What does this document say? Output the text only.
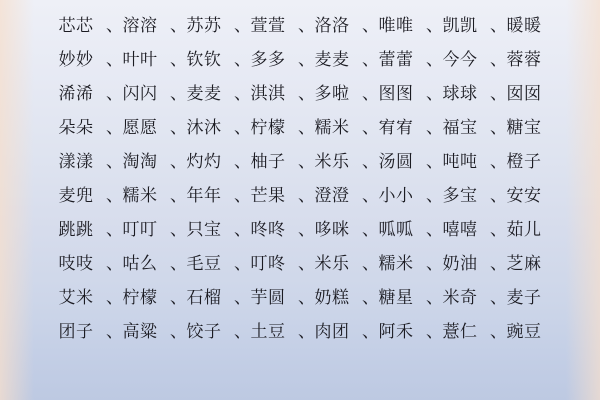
芯芯 、 溶溶 、 苏苏 、 萱萱 、 洛洛 、 唯唯 、 凯凯 、 暖暖
妙妙 、 叶叶 、 钦钦 、 多多 、 麦麦 、 蕾蕾 、 今今 、 蓉蓉
浠浠 、 闪闪 、 麦麦 、 淇淇 、 多啦 、 图图 、 球球 、 囡囡
朵朵 、 愿愿 、 沐沐 、 柠檬 、 糯米 、 宥宥 、 福宝 、 糖宝
漾漾 、 淘淘 、 灼灼 、 柚子 、 米乐 、 汤圆 、 吨吨 、 橙子
麦兜 、 糯米 、 年年 、 芒果 、 澄澄 、 小小 、 多宝 、 安安
跳跳 、 叮叮 、 只宝 、 咚咚 、 哆咪 、 呱呱 、 嘻嘻 、 茹儿
吱吱 、 咕么 、 毛豆 、 叮咚 、 米乐 、 糯米 、 奶油 、 芝麻
艾米 、 柠檬 、 石榴 、 芋圆 、 奶糕 、 糖星 、 米奇 、 麦子
团子 、 高粱 、 饺子 、 土豆 、 肉团 、 阿禾 、 薏仁 、 豌豆
